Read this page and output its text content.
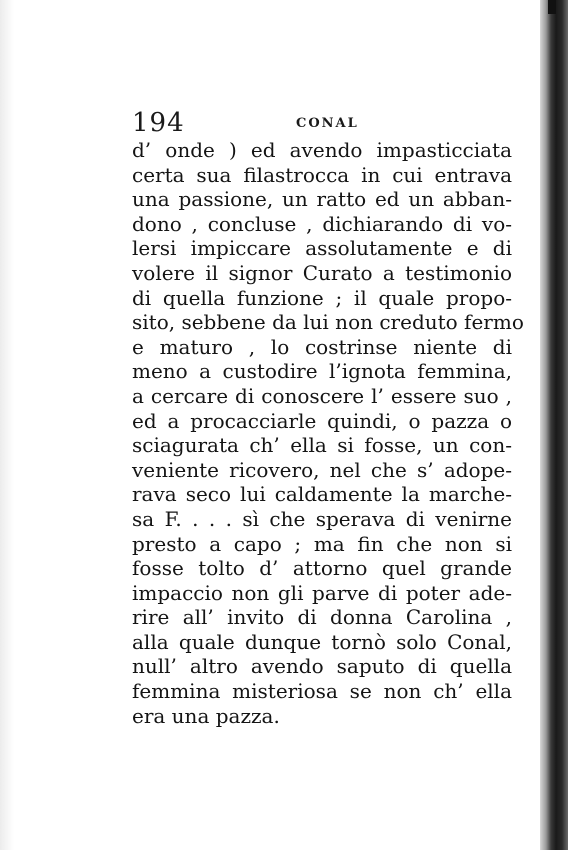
194	CONAL
d’ onde ) ed avendo impasticciata
certa sua filastrocca in cui entrava
una passione, un ratto ed un abban-
dono , concluse , dichiarando di vo-
lersi impiccare assolutamente e di
volere il signor Curato a testimonio
di quella funzione ; il quale propo-
sito, sebbene da lui non creduto fermo
e maturo , lo costrinse niente di
meno a custodire l’ignota femmina,
a cercare di conoscere l’ essere suo ,
ed a procacciarle quindi, o pazza o
sciagurata ch’ ella si fosse, un con-
veniente ricovero, nel che s’ adope-
rava seco lui caldamente la marche-
sa F. . . . sì che sperava di venirne
presto a capo ; ma fin che non si
fosse tolto d’ attorno quel grande
impaccio non gli parve di poter ade-
rire all’ invito di donna Carolina ,
alla quale dunque tornò solo Conal,
null’ altro avendo saputo di quella
femmina misteriosa se non ch’ ella
era una pazza.
